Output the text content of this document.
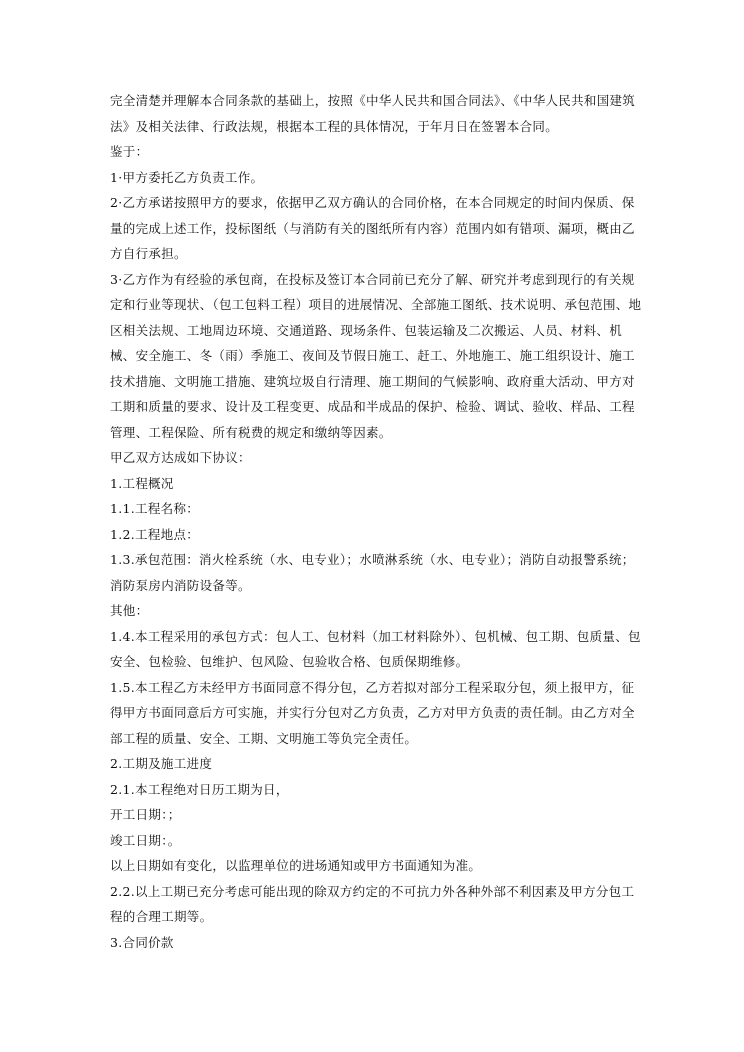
完全清楚并理解本合同条款的基础上，按照《中华人民共和国合同法》、《中华人民共和国建筑法》及相关法律、行政法规，根据本工程的具体情况，于年月日在签署本合同。

鉴于：

1·甲方委托乙方负责工作。

2·乙方承诺按照甲方的要求，依据甲乙双方确认的合同价格，在本合同规定的时间内保质、保量的完成上述工作，投标图纸（与消防有关的图纸所有内容）范围内如有错项、漏项，概由乙方自行承担。

3·乙方作为有经验的承包商，在投标及签订本合同前已充分了解、研究并考虑到现行的有关规定和行业等现状、（包工包料工程）项目的进展情况、全部施工图纸、技术说明、承包范围、地区相关法规、工地周边环境、交通道路、现场条件、包装运输及二次搬运、人员、材料、机械、安全施工、冬（雨）季施工、夜间及节假日施工、赶工、外地施工、施工组织设计、施工技术措施、文明施工措施、建筑垃圾自行清理、施工期间的气候影响、政府重大活动、甲方对工期和质量的要求、设计及工程变更、成品和半成品的保护、检验、调试、验收、样品、工程管理、工程保险、所有税费的规定和缴纳等因素。

甲乙双方达成如下协议：

1.工程概况

1.1.工程名称：

1.2.工程地点：

1.3.承包范围：消火栓系统（水、电专业）；水喷淋系统（水、电专业）；消防自动报警系统；消防泵房内消防设备等。

其他：

1.4.本工程采用的承包方式：包人工、包材料（加工材料除外）、包机械、包工期、包质量、包安全、包检验、包维护、包风险、包验收合格、包质保期维修。

1.5.本工程乙方未经甲方书面同意不得分包，乙方若拟对部分工程采取分包，须上报甲方，征得甲方书面同意后方可实施，并实行分包对乙方负责，乙方对甲方负责的责任制。由乙方对全部工程的质量、安全、工期、文明施工等负完全责任。

2.工期及施工进度

2.1.本工程绝对日历工期为日，

开工日期：；

竣工日期：。

以上日期如有变化，以监理单位的进场通知或甲方书面通知为准。

2.2.以上工期已充分考虑可能出现的除双方约定的不可抗力外各种外部不利因素及甲方分包工程的合理工期等。

3.合同价款
